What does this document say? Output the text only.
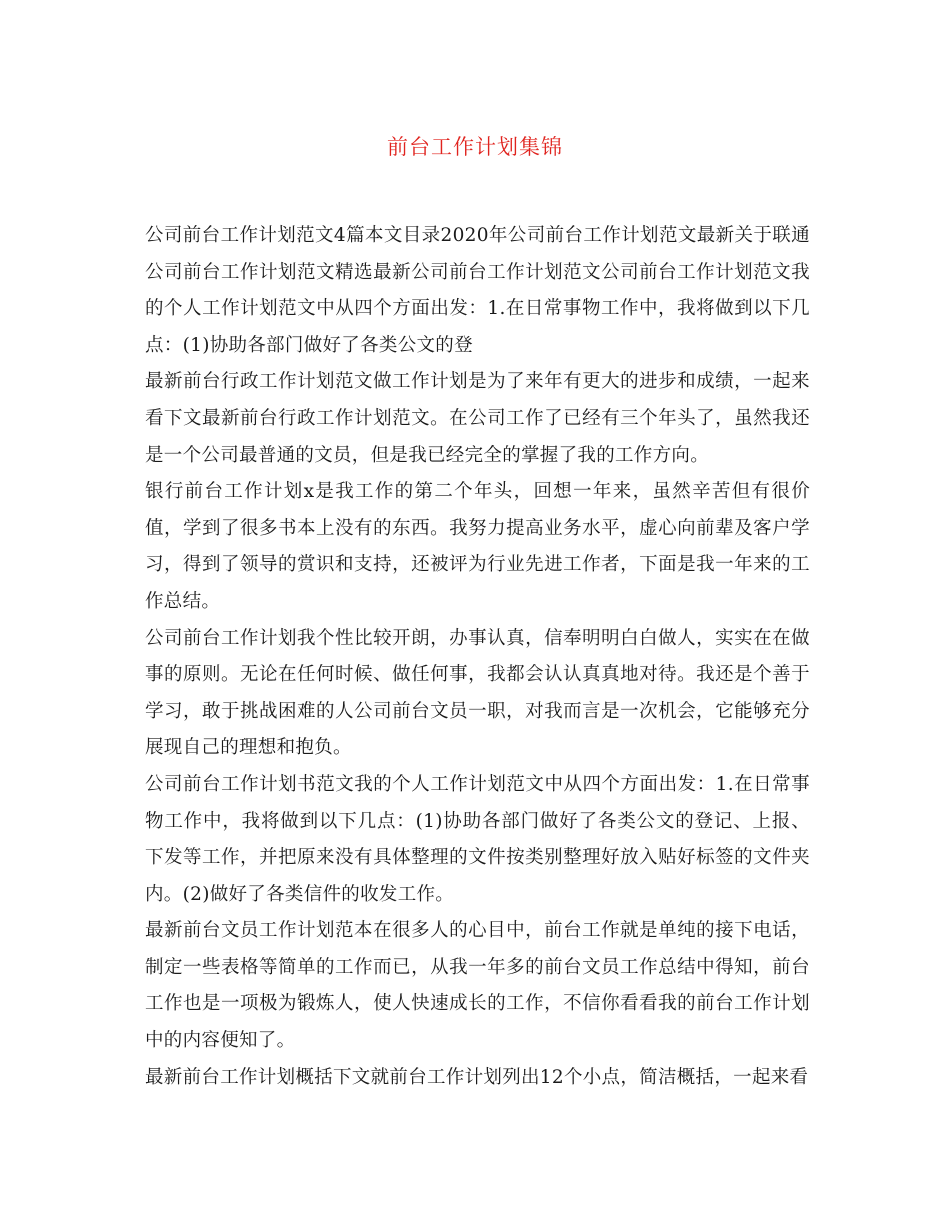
前台工作计划集锦

公司前台工作计划范文4篇本文目录2020年公司前台工作计划范文最新关于联通公司前台工作计划范文精选最新公司前台工作计划范文公司前台工作计划范文我的个人工作计划范文中从四个方面出发：1.在日常事物工作中，我将做到以下几点：(1)协助各部门做好了各类公文的登

最新前台行政工作计划范文做工作计划是为了来年有更大的进步和成绩，一起来看下文最新前台行政工作计划范文。在公司工作了已经有三个年头了，虽然我还是一个公司最普通的文员，但是我已经完全的掌握了我的工作方向。

银行前台工作计划x是我工作的第二个年头，回想一年来，虽然辛苦但有很价值，学到了很多书本上没有的东西。我努力提高业务水平，虚心向前辈及客户学习，得到了领导的赏识和支持，还被评为行业先进工作者，下面是我一年来的工作总结。

公司前台工作计划我个性比较开朗，办事认真，信奉明明白白做人，实实在在做事的原则。无论在任何时候、做任何事，我都会认认真真地对待。我还是个善于学习，敢于挑战困难的人公司前台文员一职，对我而言是一次机会，它能够充分展现自己的理想和抱负。

公司前台工作计划书范文我的个人工作计划范文中从四个方面出发：1.在日常事物工作中，我将做到以下几点：(1)协助各部门做好了各类公文的登记、上报、下发等工作，并把原来没有具体整理的文件按类别整理好放入贴好标签的文件夹内。(2)做好了各类信件的收发工作。

最新前台文员工作计划范本在很多人的心目中，前台工作就是单纯的接下电话，制定一些表格等简单的工作而已，从我一年多的前台文员工作总结中得知，前台工作也是一项极为锻炼人，使人快速成长的工作，不信你看看我的前台工作计划中的内容便知了。

最新前台工作计划概括下文就前台工作计划列出12个小点，简洁概括，一起来看
